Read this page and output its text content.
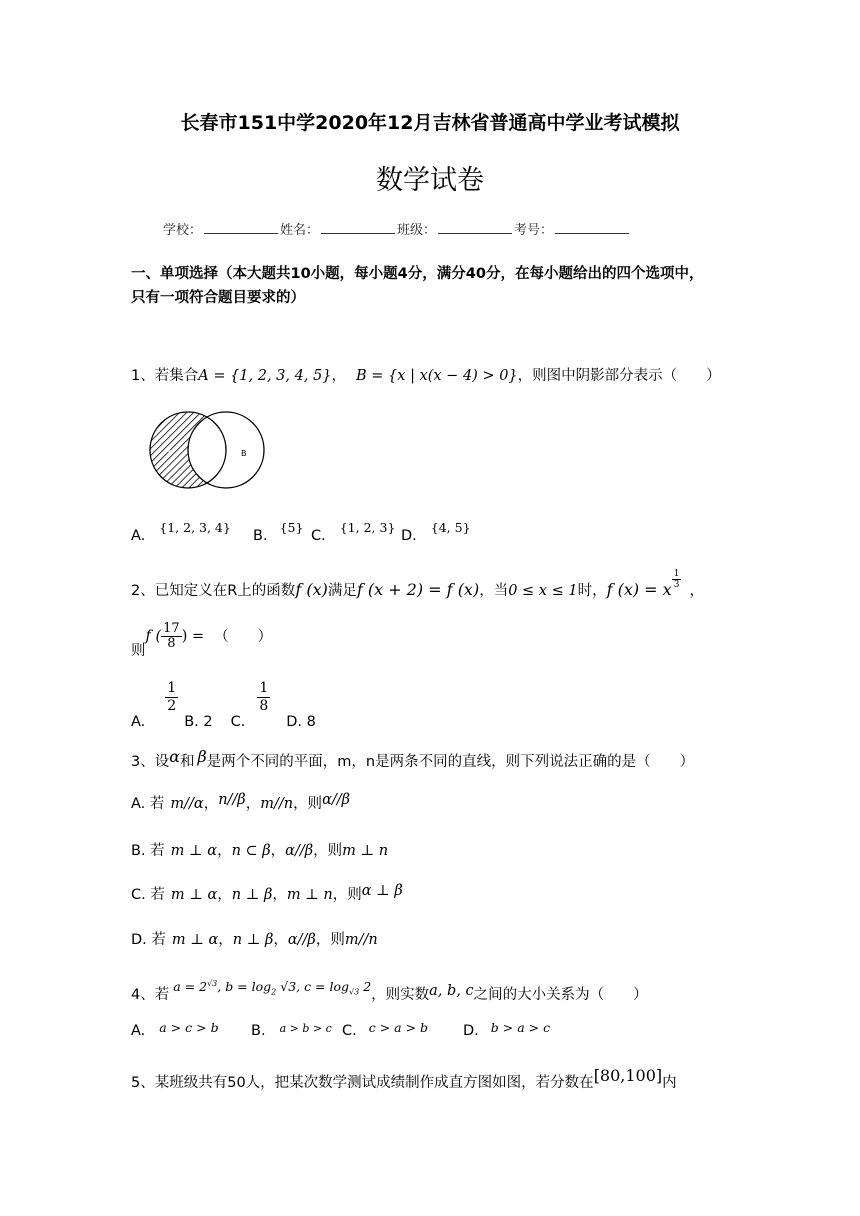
长春市151中学2020年12月吉林省普通高中学业考试模拟
数学试卷
学校：	姓名：	班级：	考号：
一、单项选择（本大题共10小题，每小题4分，满分40分，在每小题给出的四个选项中，
只有一项符合题目要求的）
1、若集合A = {1, 2, 3, 4, 5}， B = {x | x(x − 4) > 0}，则图中阴影部分表示（　　）
A	B
A.{1, 2, 3, 4}
B.{5}
C.{1, 2, 3}
D.{4, 5}
2、已知定义在R上的函数f (x)满足f (x + 2) = f (x)，当0 ≤ x ≤ 1时，f (x) = x $\frac{1}{3}$
，
则f ( $\frac{17}{8}$ ) = （　　）
A.
$\frac{1}{2}$
B. 2 C.
$\frac{1}{8}$
D. 8
3、设α和 β是两个不同的平面，m，n是两条不同的直线，则下列说法正确的是（　　）
A. 若 m//α，n//β，m//n，则α//β
B. 若 m ⊥ α，n ⊂ β，α//β，则m ⊥ n
C. 若 m ⊥ α，n ⊥ β，m ⊥ n，则α ⊥ β
D. 若 m ⊥ α，n ⊥ β，α//β，则m//n
4、若$a = 2^{√3}$, $b = \log_2 √3$, $c = \log_{√3} 2$，则实数a, b, c之间的大小关系为（　　）
A. a > c > b B. $^{a > b > c}$ C. c > a > b D. b > a > c
5、某班级共有50人，把某次数学测试成绩制作成直方图如图，若分数在[80,100]内
